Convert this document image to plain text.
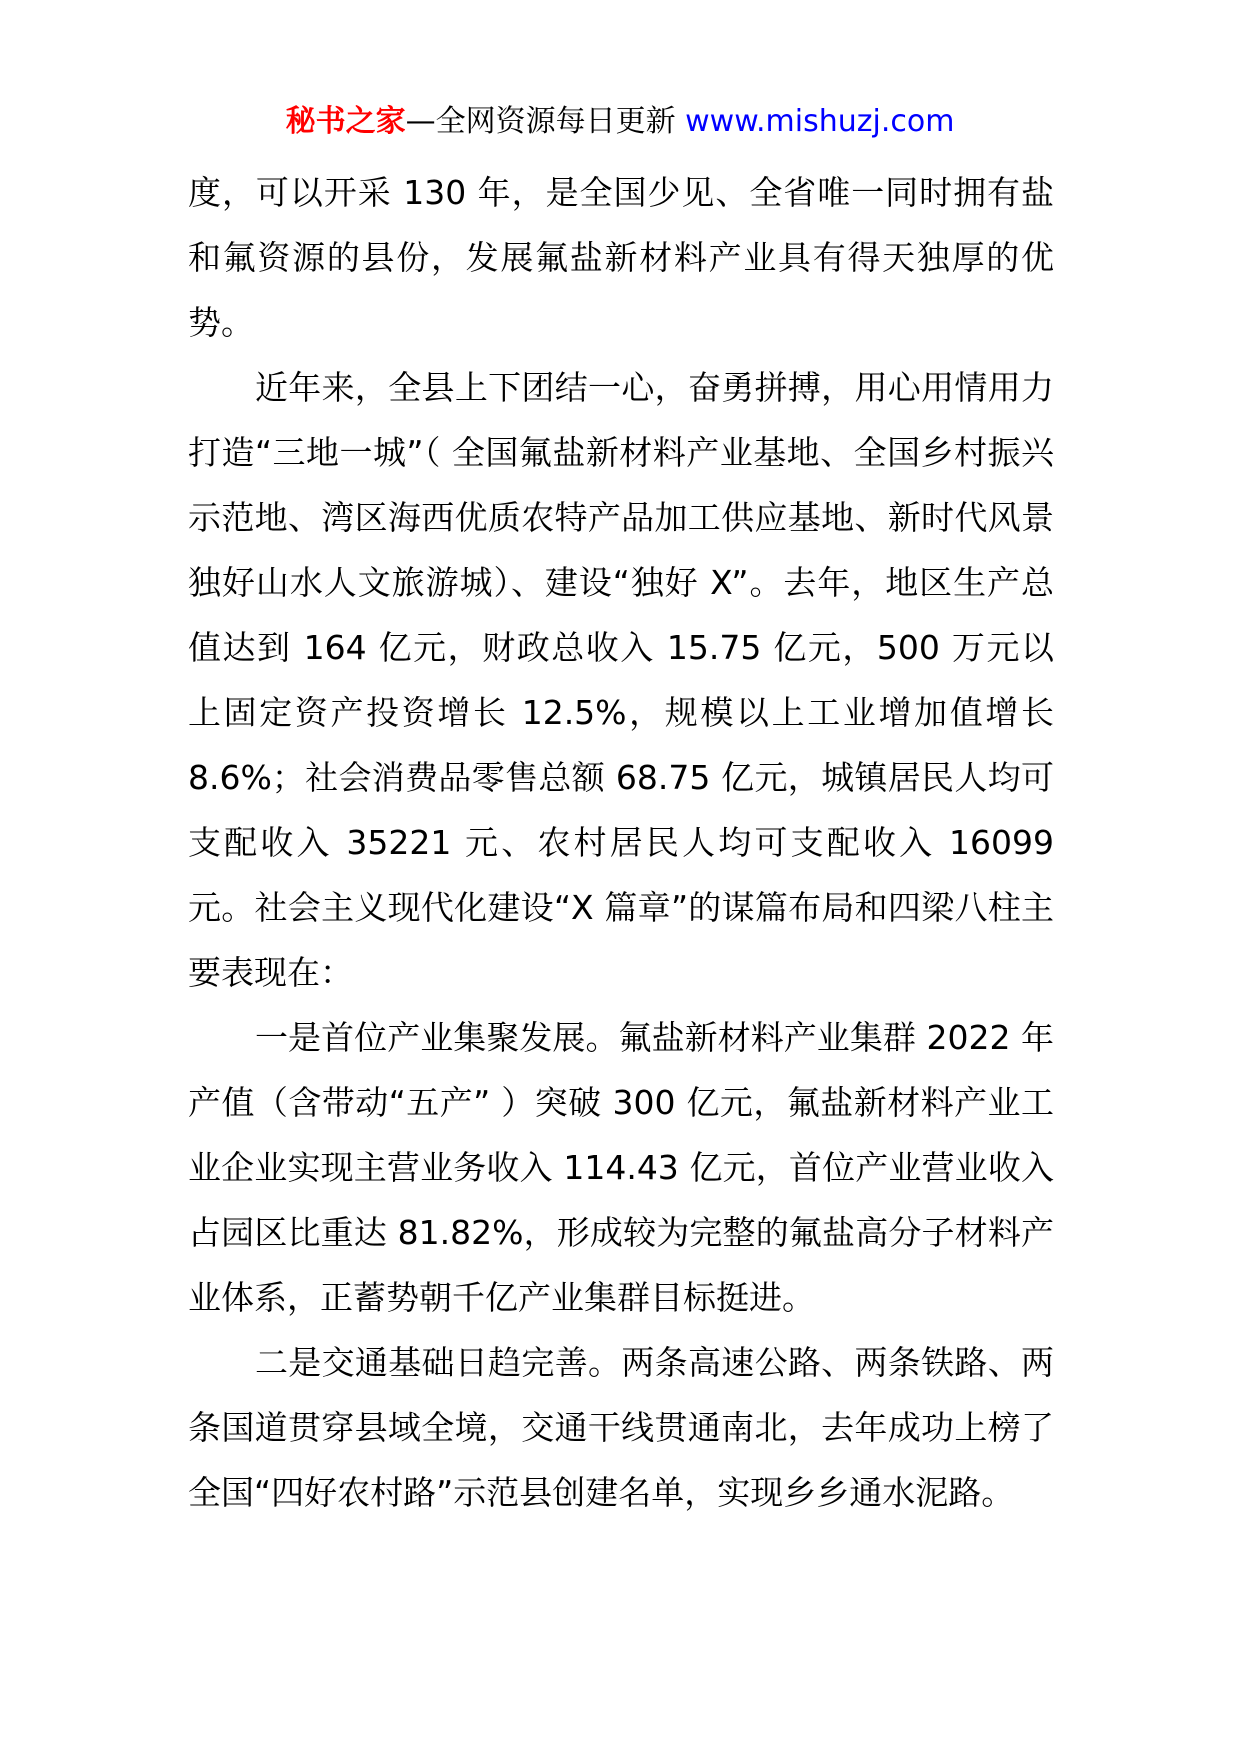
秘书之家—全网资源每日更新 www.mishuzj.com

度，可以开采 130 年，是全国少见、全省唯一同时拥有盐和氟资源的县份，发展氟盐新材料产业具有得天独厚的优势。

近年来，全县上下团结一心，奋勇拼搏，用心用情用力打造“三地一城”（ 全国氟盐新材料产业基地、全国乡村振兴示范地、湾区海西优质农特产品加工供应基地、新时代风景独好山水人文旅游城）、建设“独好 X”。去年，地区生产总值达到 164 亿元，财政总收入 15.75 亿元，500 万元以上固定资产投资增长 12.5%，规模以上工业增加值增长 8.6%；社会消费品零售总额 68.75 亿元，城镇居民人均可支配收入 35221 元、农村居民人均可支配收入 16099 元。社会主义现代化建设“X 篇章”的谋篇布局和四梁八柱主要表现在：

一是首位产业集聚发展。氟盐新材料产业集群 2022 年产值（含带动“五产” ）突破 300 亿元，氟盐新材料产业工业企业实现主营业务收入 114.43 亿元，首位产业营业收入占园区比重达 81.82%，形成较为完整的氟盐高分子材料产业体系，正蓄势朝千亿产业集群目标挺进。

二是交通基础日趋完善。两条高速公路、两条铁路、两条国道贯穿县域全境，交通干线贯通南北，去年成功上榜了全国“四好农村路”示范县创建名单，实现乡乡通水泥路。
